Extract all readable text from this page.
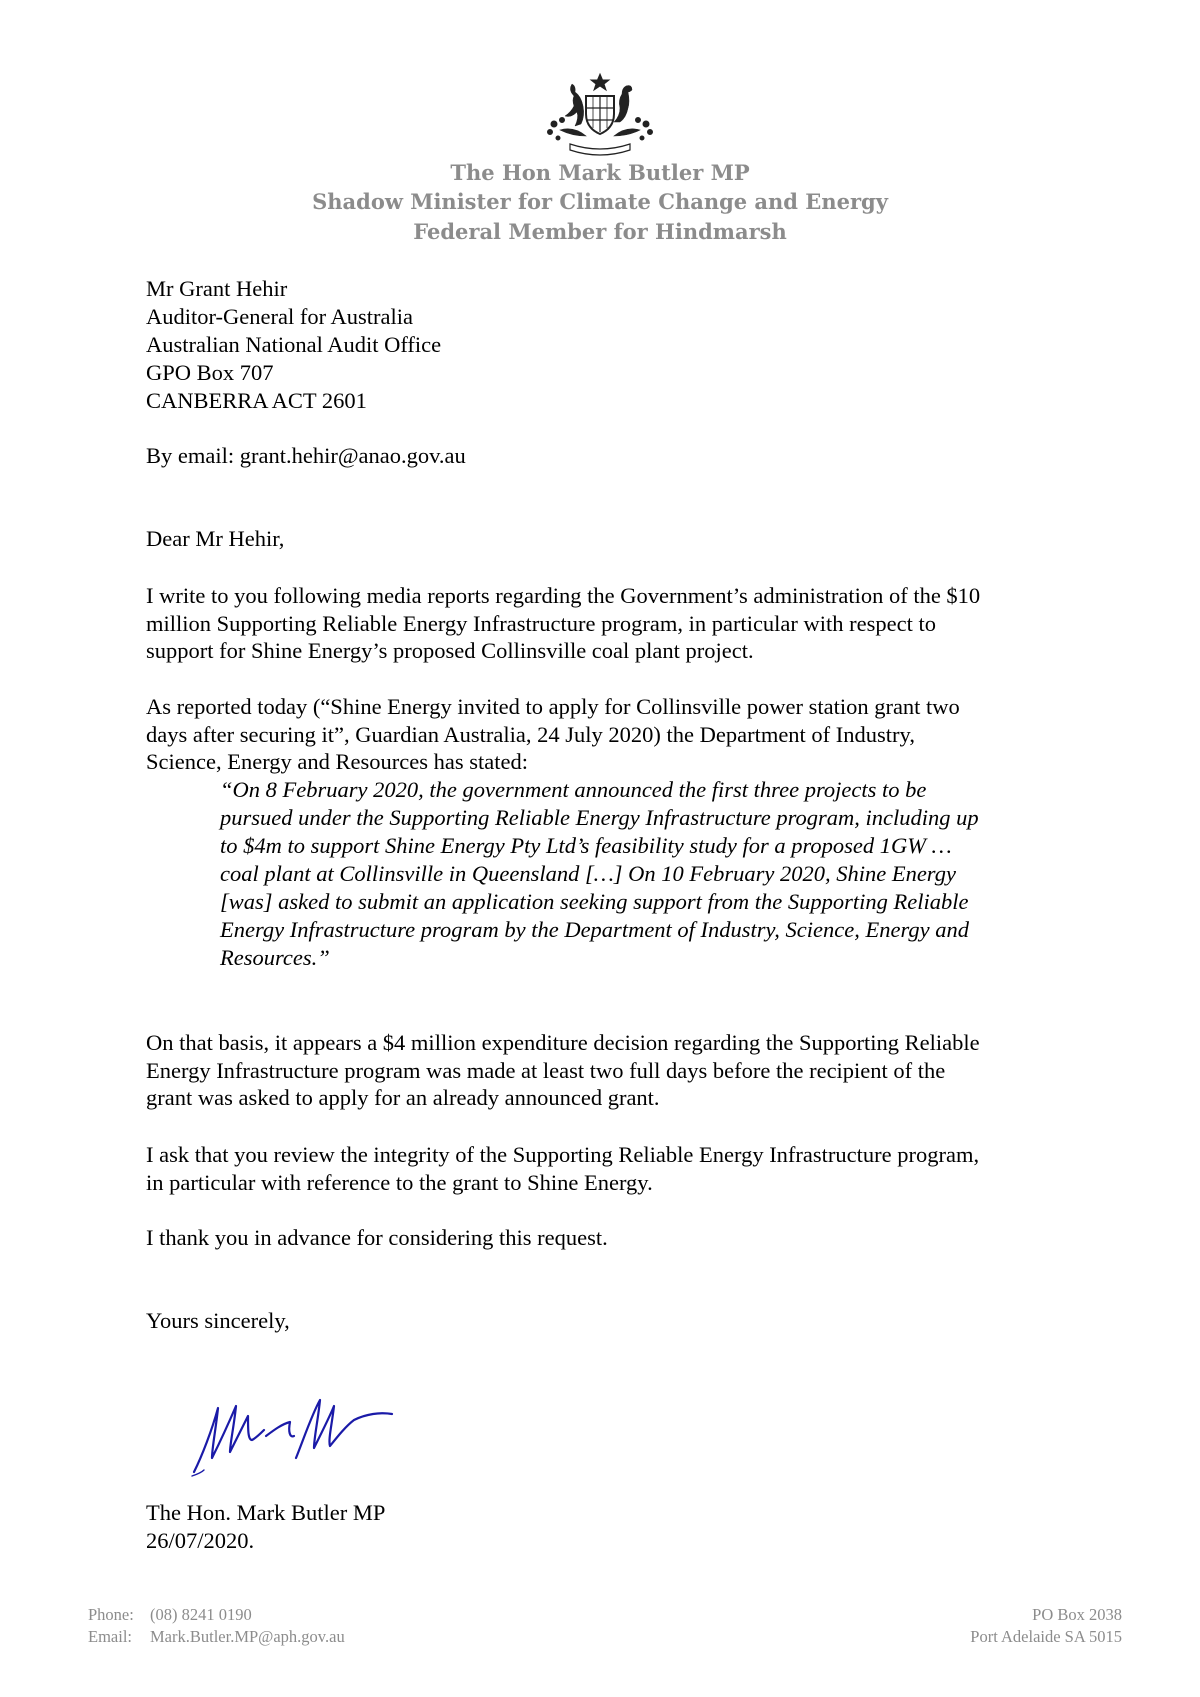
The Hon Mark Butler MP
Shadow Minister for Climate Change and Energy
Federal Member for Hindmarsh
Mr Grant Hehir
Auditor-General for Australia
Australian National Audit Office
GPO Box 707
CANBERRA ACT 2601
By email: grant.hehir@anao.gov.au
Dear Mr Hehir,
I write to you following media reports regarding the Government’s administration of the $10
million Supporting Reliable Energy Infrastructure program, in particular with respect to
support for Shine Energy’s proposed Collinsville coal plant project.
As reported today (“Shine Energy invited to apply for Collinsville power station grant two
days after securing it”, Guardian Australia, 24 July 2020) the Department of Industry,
Science, Energy and Resources has stated:
“On 8 February 2020, the government announced the first three projects to be
pursued under the Supporting Reliable Energy Infrastructure program, including up
to $4m to support Shine Energy Pty Ltd’s feasibility study for a proposed 1GW …
coal plant at Collinsville in Queensland […] On 10 February 2020, Shine Energy
[was] asked to submit an application seeking support from the Supporting Reliable
Energy Infrastructure program by the Department of Industry, Science, Energy and
Resources.”
On that basis, it appears a $4 million expenditure decision regarding the Supporting Reliable
Energy Infrastructure program was made at least two full days before the recipient of the
grant was asked to apply for an already announced grant.
I ask that you review the integrity of the Supporting Reliable Energy Infrastructure program,
in particular with reference to the grant to Shine Energy.
I thank you in advance for considering this request.
Yours sincerely,
The Hon. Mark Butler MP
26/07/2020.
Phone: (08) 8241 0190
Email: Mark.Butler.MP@aph.gov.au
PO Box 2038
Port Adelaide SA 5015
